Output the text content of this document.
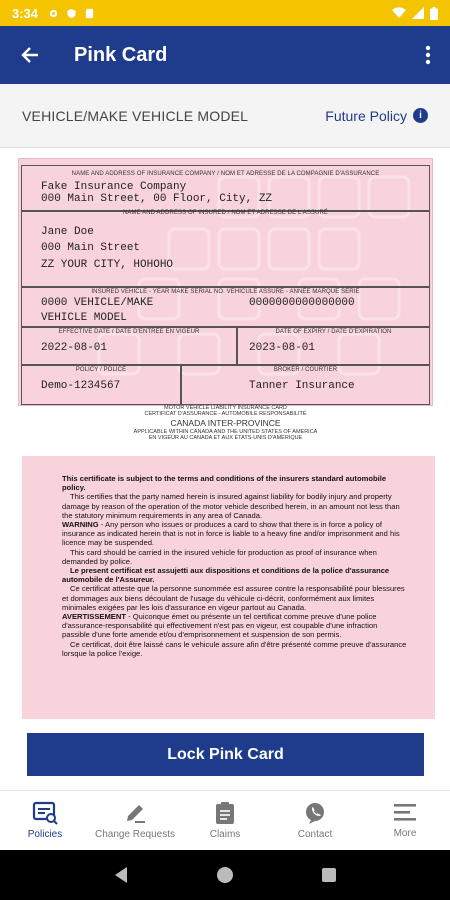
3:34
Pink Card
VEHICLE/MAKE VEHICLE MODEL	Future Policy	i
NAME AND ADDRESS OF INSURANCE COMPANY / NOM ET ADRESSE DE LA COMPAGNIE D'ASSURANCE
Fake Insurance Company
000 Main Street, 00 Floor, City, ZZ
NAME AND ADDRESS OF INSURED / NOM ET ADRESSE DE L'ASSURÉ
Jane Doe
000 Main Street
ZZ YOUR CITY, HOHOHO
INSURED VEHICLE - YEAR MAKE SERIAL NO. VEHICULE ASSURÉ - ANNÉE MARQUE SÉRIE
0000 VEHICLE/MAKE	0000000000000000
VEHICLE MODEL
EFFECTIVE DATE / DATE D'ENTRÉE EN VIGEUR
2022-08-01
DATE OF EXPIRY / DATE D'EXPIRATION
2023-08-01
POLICY / POLICE
Demo-1234567
BROKER / COURTIER
Tanner Insurance
MOTOR VEHICLE LIABILITY INSURANCE CARD
CERTIFICAT D'ASSURANCE - AUTOMOBILE RESPONSABILITÉ
CANADA INTER-PROVINCE
APPLICABLE WITHIN CANADA AND THE UNITED STATES OF AMERICA
EN VIGEUR AU CANADA ET AUX ÉTATS-UNIS D'AMÉRIQUE

This certificate is subject to the terms and conditions of the insurers standard automobile policy.

This certifies that the party named herein is insured against liability for bodily injury and property damage by reason of the operation of the motor vehicle described herein, in an amount not less than the statutory minimum requirements in any area of Canada.

WARNING - Any person who issues or produces a card to show that there is in force a policy of insurance as indicated herein that is not in force is liable to a heavy fine and/or imprisonment and his licence may be suspended.

This card should be carried in the insured vehicle for production as proof of insurance when demanded by police.

Le present certificat est assujetti aux dispositions et conditions de la police d'assurance automobile de l'Assureur.

Ce certificat atteste que la personne sunommée est assuree contre la responsabilité pour blessures et dommages aux biens découlant de l'usage du véhicule ci-décrit, conformément aux limites minimales exigées par les lois d'assurance en vigeur partout au Canada.

AVERTISSEMENT - Quiconque émet ou présente un tel certificat comme preuve d'une police d'assurance-responsabilité qui effectivement n'est pas en vigeur, est coupable d'une infraction passible d'une forte amende et/ou d'emprisonnement et suspension de son permis.

Ce certificat, doit être laissé cans le vehicule assure afin d'être présenté comme preuve d'assurance lorsque la police l'exige.

Lock Pink Card
Policies	Change Requests	Claims	Contact	More
